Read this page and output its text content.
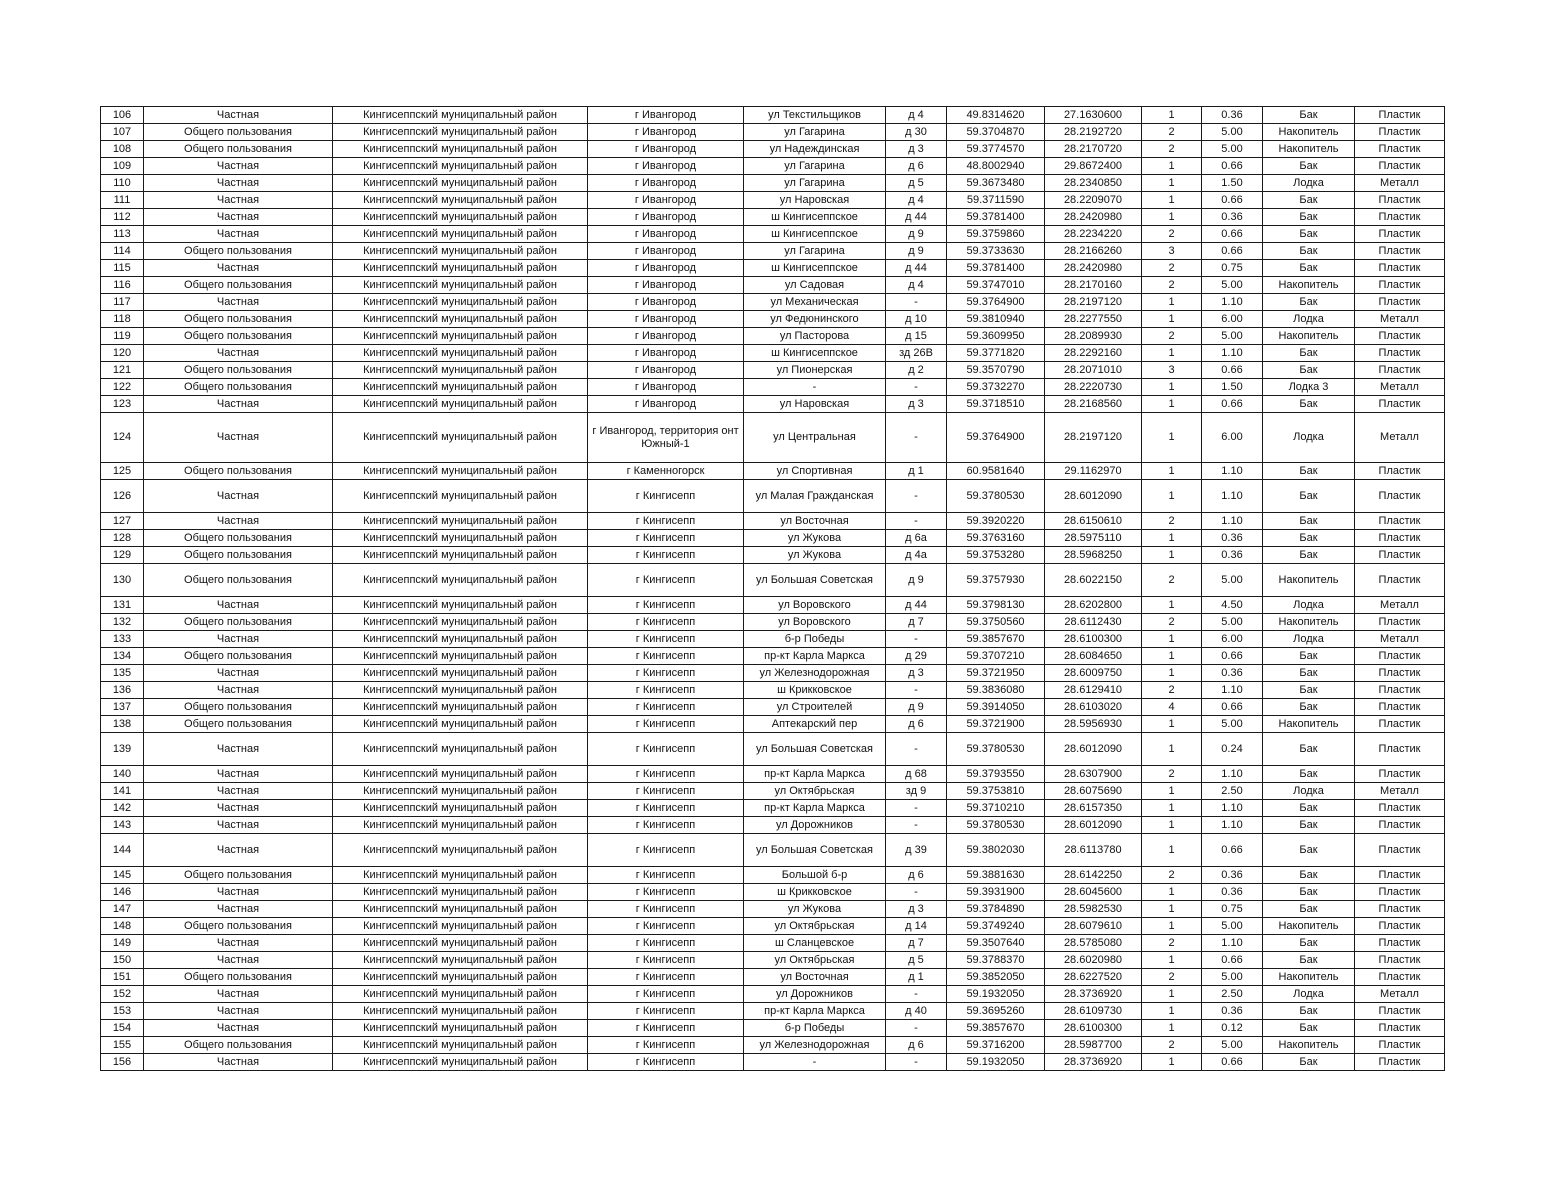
106	Частная	Кингисеппский муниципальный район	г Ивангород	ул Текстильщиков	д 4	49.8314620	27.1630600	1	0.36	Бак	Пластик
107	Общего пользования	Кингисеппский муниципальный район	г Ивангород	ул Гагарина	д 30	59.3704870	28.2192720	2	5.00	Накопитель	Пластик
108	Общего пользования	Кингисеппский муниципальный район	г Ивангород	ул Надеждинская	д 3	59.3774570	28.2170720	2	5.00	Накопитель	Пластик
109	Частная	Кингисеппский муниципальный район	г Ивангород	ул Гагарина	д 6	48.8002940	29.8672400	1	0.66	Бак	Пластик
110	Частная	Кингисеппский муниципальный район	г Ивангород	ул Гагарина	д 5	59.3673480	28.2340850	1	1.50	Лодка	Металл
111	Частная	Кингисеппский муниципальный район	г Ивангород	ул Наровская	д 4	59.3711590	28.2209070	1	0.66	Бак	Пластик
112	Частная	Кингисеппский муниципальный район	г Ивангород	ш Кингисеппское	д 44	59.3781400	28.2420980	1	0.36	Бак	Пластик
113	Частная	Кингисеппский муниципальный район	г Ивангород	ш Кингисеппское	д 9	59.3759860	28.2234220	2	0.66	Бак	Пластик
114	Общего пользования	Кингисеппский муниципальный район	г Ивангород	ул Гагарина	д 9	59.3733630	28.2166260	3	0.66	Бак	Пластик
115	Частная	Кингисеппский муниципальный район	г Ивангород	ш Кингисеппское	д 44	59.3781400	28.2420980	2	0.75	Бак	Пластик
116	Общего пользования	Кингисеппский муниципальный район	г Ивангород	ул Садовая	д 4	59.3747010	28.2170160	2	5.00	Накопитель	Пластик
117	Частная	Кингисеппский муниципальный район	г Ивангород	ул Механическая	-	59.3764900	28.2197120	1	1.10	Бак	Пластик
118	Общего пользования	Кингисеппский муниципальный район	г Ивангород	ул Федюнинского	д 10	59.3810940	28.2277550	1	6.00	Лодка	Металл
119	Общего пользования	Кингисеппский муниципальный район	г Ивангород	ул Пасторова	д 15	59.3609950	28.2089930	2	5.00	Накопитель	Пластик
120	Частная	Кингисеппский муниципальный район	г Ивангород	ш Кингисеппское	зд 26В	59.3771820	28.2292160	1	1.10	Бак	Пластик
121	Общего пользования	Кингисеппский муниципальный район	г Ивангород	ул Пионерская	д 2	59.3570790	28.2071010	3	0.66	Бак	Пластик
122	Общего пользования	Кингисеппский муниципальный район	г Ивангород	-	-	59.3732270	28.2220730	1	1.50	Лодка 3	Металл
123	Частная	Кингисеппский муниципальный район	г Ивангород	ул Наровская	д 3	59.3718510	28.2168560	1	0.66	Бак	Пластик
124	Частная	Кингисеппский муниципальный район	г Ивангород, территория онт Южный-1	ул Центральная	-	59.3764900	28.2197120	1	6.00	Лодка	Металл
125	Общего пользования	Кингисеппский муниципальный район	г Каменногорск	ул Спортивная	д 1	60.9581640	29.1162970	1	1.10	Бак	Пластик
126	Частная	Кингисеппский муниципальный район	г Кингисепп	ул Малая Гражданская	-	59.3780530	28.6012090	1	1.10	Бак	Пластик
127	Частная	Кингисеппский муниципальный район	г Кингисепп	ул Восточная	-	59.3920220	28.6150610	2	1.10	Бак	Пластик
128	Общего пользования	Кингисеппский муниципальный район	г Кингисепп	ул Жукова	д 6а	59.3763160	28.5975110	1	0.36	Бак	Пластик
129	Общего пользования	Кингисеппский муниципальный район	г Кингисепп	ул Жукова	д 4а	59.3753280	28.5968250	1	0.36	Бак	Пластик
130	Общего пользования	Кингисеппский муниципальный район	г Кингисепп	ул Большая Советская	д 9	59.3757930	28.6022150	2	5.00	Накопитель	Пластик
131	Частная	Кингисеппский муниципальный район	г Кингисепп	ул Воровского	д 44	59.3798130	28.6202800	1	4.50	Лодка	Металл
132	Общего пользования	Кингисеппский муниципальный район	г Кингисепп	ул Воровского	д 7	59.3750560	28.6112430	2	5.00	Накопитель	Пластик
133	Частная	Кингисеппский муниципальный район	г Кингисепп	б-р Победы	-	59.3857670	28.6100300	1	6.00	Лодка	Металл
134	Общего пользования	Кингисеппский муниципальный район	г Кингисепп	пр-кт Карла Маркса	д 29	59.3707210	28.6084650	1	0.66	Бак	Пластик
135	Частная	Кингисеппский муниципальный район	г Кингисепп	ул Железнодорожная	д 3	59.3721950	28.6009750	1	0.36	Бак	Пластик
136	Частная	Кингисеппский муниципальный район	г Кингисепп	ш Крикковское	-	59.3836080	28.6129410	2	1.10	Бак	Пластик
137	Общего пользования	Кингисеппский муниципальный район	г Кингисепп	ул Строителей	д 9	59.3914050	28.6103020	4	0.66	Бак	Пластик
138	Общего пользования	Кингисеппский муниципальный район	г Кингисепп	Аптекарский пер	д 6	59.3721900	28.5956930	1	5.00	Накопитель	Пластик
139	Частная	Кингисеппский муниципальный район	г Кингисепп	ул Большая Советская	-	59.3780530	28.6012090	1	0.24	Бак	Пластик
140	Частная	Кингисеппский муниципальный район	г Кингисепп	пр-кт Карла Маркса	д 68	59.3793550	28.6307900	2	1.10	Бак	Пластик
141	Частная	Кингисеппский муниципальный район	г Кингисепп	ул Октябрьская	зд 9	59.3753810	28.6075690	1	2.50	Лодка	Металл
142	Частная	Кингисеппский муниципальный район	г Кингисепп	пр-кт Карла Маркса	-	59.3710210	28.6157350	1	1.10	Бак	Пластик
143	Частная	Кингисеппский муниципальный район	г Кингисепп	ул Дорожников	-	59.3780530	28.6012090	1	1.10	Бак	Пластик
144	Частная	Кингисеппский муниципальный район	г Кингисепп	ул Большая Советская	д 39	59.3802030	28.6113780	1	0.66	Бак	Пластик
145	Общего пользования	Кингисеппский муниципальный район	г Кингисепп	Большой б-р	д 6	59.3881630	28.6142250	2	0.36	Бак	Пластик
146	Частная	Кингисеппский муниципальный район	г Кингисепп	ш Крикковское	-	59.3931900	28.6045600	1	0.36	Бак	Пластик
147	Частная	Кингисеппский муниципальный район	г Кингисепп	ул Жукова	д 3	59.3784890	28.5982530	1	0.75	Бак	Пластик
148	Общего пользования	Кингисеппский муниципальный район	г Кингисепп	ул Октябрьская	д 14	59.3749240	28.6079610	1	5.00	Накопитель	Пластик
149	Частная	Кингисеппский муниципальный район	г Кингисепп	ш Сланцевское	д 7	59.3507640	28.5785080	2	1.10	Бак	Пластик
150	Частная	Кингисеппский муниципальный район	г Кингисепп	ул Октябрьская	д 5	59.3788370	28.6020980	1	0.66	Бак	Пластик
151	Общего пользования	Кингисеппский муниципальный район	г Кингисепп	ул Восточная	д 1	59.3852050	28.6227520	2	5.00	Накопитель	Пластик
152	Частная	Кингисеппский муниципальный район	г Кингисепп	ул Дорожников	-	59.1932050	28.3736920	1	2.50	Лодка	Металл
153	Частная	Кингисеппский муниципальный район	г Кингисепп	пр-кт Карла Маркса	д 40	59.3695260	28.6109730	1	0.36	Бак	Пластик
154	Частная	Кингисеппский муниципальный район	г Кингисепп	б-р Победы	-	59.3857670	28.6100300	1	0.12	Бак	Пластик
155	Общего пользования	Кингисеппский муниципальный район	г Кингисепп	ул Железнодорожная	д 6	59.3716200	28.5987700	2	5.00	Накопитель	Пластик
156	Частная	Кингисеппский муниципальный район	г Кингисепп	-	-	59.1932050	28.3736920	1	0.66	Бак	Пластик
